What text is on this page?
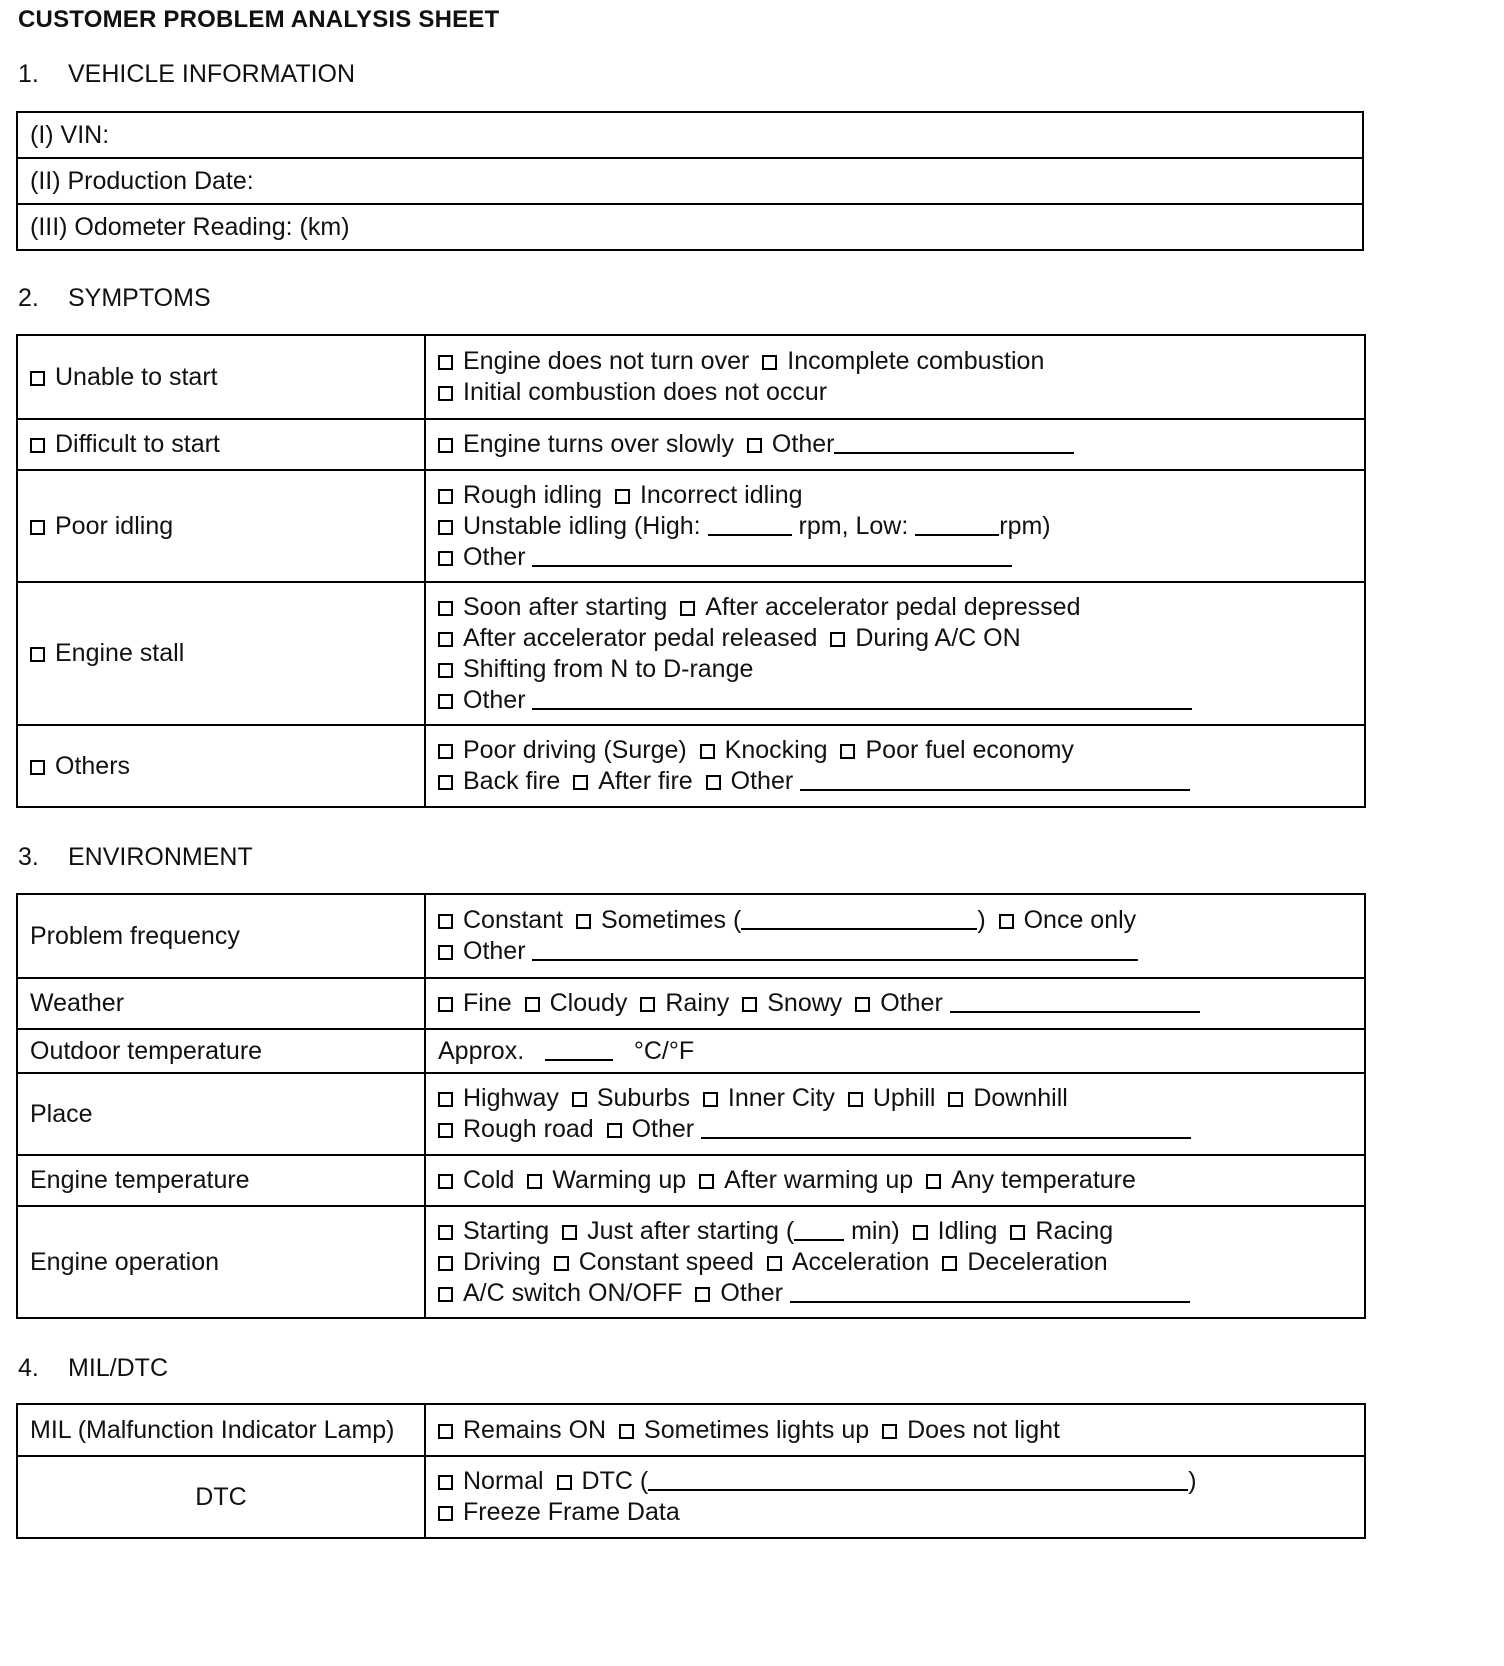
CUSTOMER PROBLEM ANALYSIS SHEET
1. VEHICLE INFORMATION
(I) VIN:
(II) Production Date:
(III) Odometer Reading: (km)
2. SYMPTOMS
Unable to start	Engine does not turn over Incomplete combustion
Initial combustion does not occur

Difficult to start	Engine turns over slowly Other

Poor idling	Rough idling Incorrect idling
Unstable idling (High: rpm, Low: rpm)
Other

Engine stall	Soon after starting After accelerator pedal depressed
After accelerator pedal released During A/C ON
Shifting from N to D-range
Other

Others	Poor driving (Surge) Knocking Poor fuel economy
Back fire After fire Other
3. ENVIRONMENT
Problem frequency	Constant Sometimes ( ) Once only
Other

Weather	Fine Cloudy Rainy Snowy Other

Outdoor temperature	Approx. °C/°F

Place	Highway Suburbs Inner City Uphill Downhill
Rough road Other

Engine temperature	Cold Warming up After warming up Any temperature

Engine operation	Starting Just after starting ( min) Idling Racing
Driving Constant speed Acceleration Deceleration
A/C switch ON/OFF Other
4. MIL/DTC
MIL (Malfunction Indicator Lamp)	Remains ON Sometimes lights up Does not light

DTC	Normal DTC ( )
Freeze Frame Data
